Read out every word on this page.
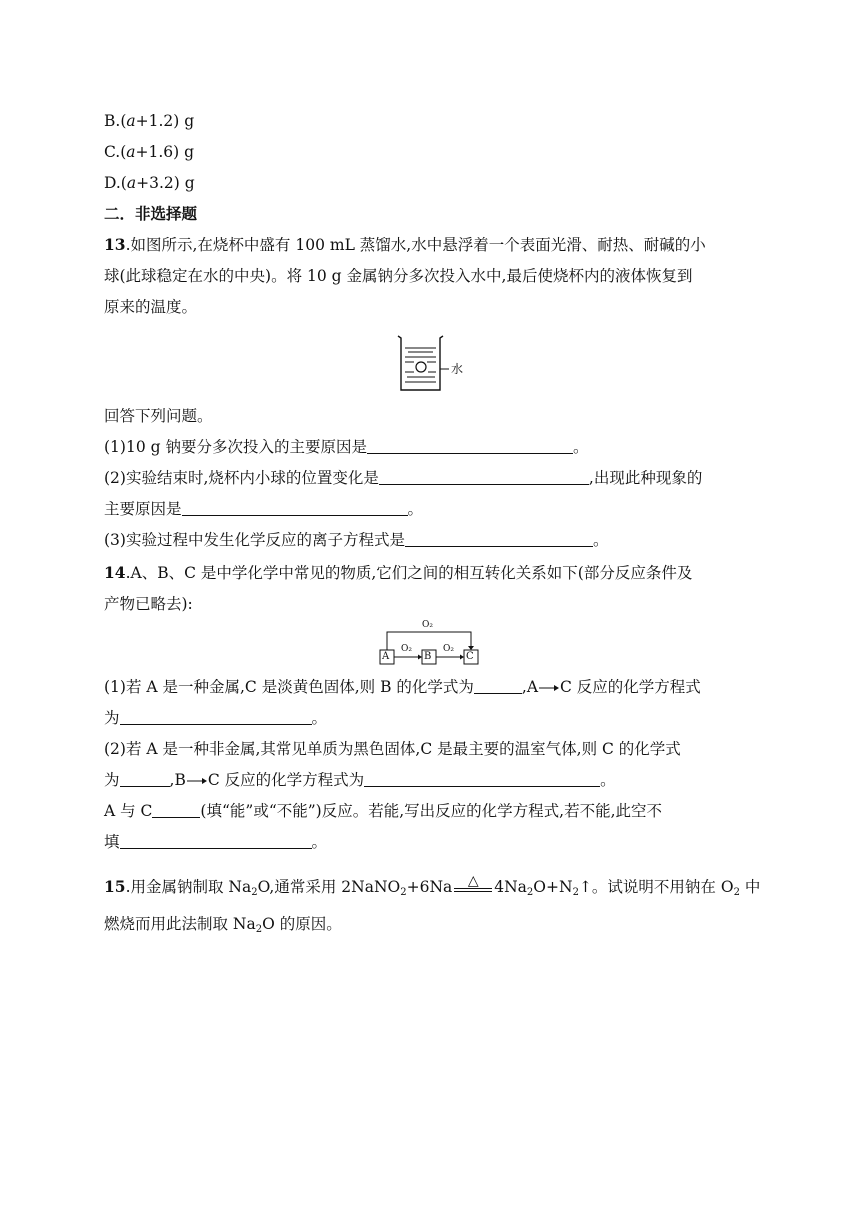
B.(a+1.2) g
C.(a+1.6) g
D.(a+3.2) g
二．非选择题
13.如图所示,在烧杯中盛有 100 mL 蒸馏水,水中悬浮着一个表面光滑、耐热、耐碱的小
球(此球稳定在水的中央)。将 10 g 金属钠分多次投入水中,最后使烧杯内的液体恢复到
原来的温度。
水
回答下列问题。
(1)10 g 钠要分多次投入的主要原因是	。
(2)实验结束时,烧杯内小球的位置变化是	,出现此种现象的
主要原因是	。
(3)实验过程中发生化学反应的离子方程式是	。
14.A、B、C 是中学化学中常见的物质,它们之间的相互转化关系如下(部分反应条件及
产物已略去):
A	B	C
O₂
O₂	O₂
(1)若 A 是一种金属,C 是淡黄色固体,则 B 的化学式为	,A→C 反应的化学方程式
为	。
(2)若 A 是一种非金属,其常见单质为黑色固体,C 是最主要的温室气体,则 C 的化学式
为	,B→C 反应的化学方程式为	。
A 与 C	(填“能”或“不能”)反应。若能,写出反应的化学方程式,若不能,此空不
填	。
15.用金属钠制取 $Na_2O$,通常采用 2NaNO$_2$+6Na	△	$4Na_2O+N_2↑$。试说明不用钠在 $O_2$ 中
燃烧而用此法制取 $Na_2O$ 的原因。
